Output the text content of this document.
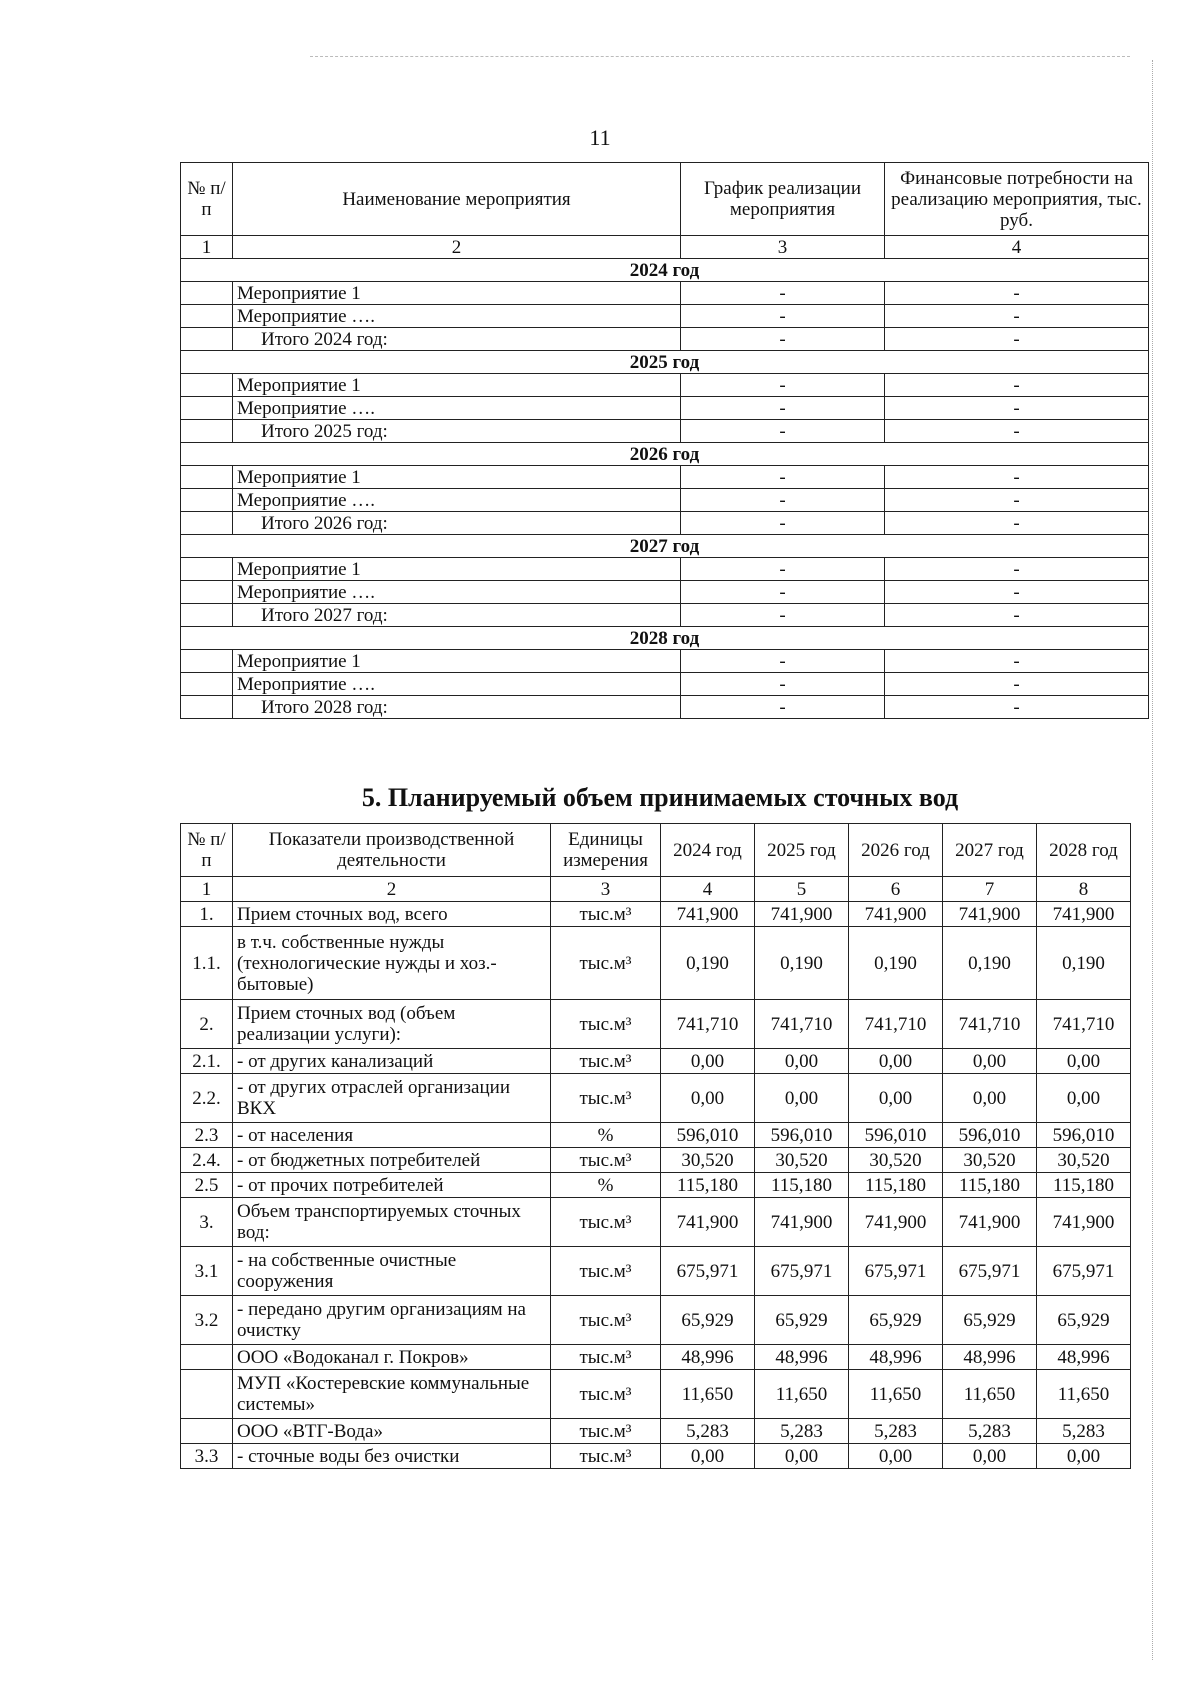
11
№ п/п	Наименование мероприятия	График реализации мероприятия	Финансовые потребности на реализацию мероприятия, тыс. руб.
1	2	3	4
2024 год			
	Мероприятие 1	-	-
	Мероприятие ….	-	-
	Итого 2024 год:	-	-
2025 год			
	Мероприятие 1	-	-
	Мероприятие ….	-	-
	Итого 2025 год:	-	-
2026 год			
	Мероприятие 1	-	-
	Мероприятие ….	-	-
	Итого 2026 год:	-	-
2027 год			
	Мероприятие 1	-	-
	Мероприятие ….	-	-
	Итого 2027 год:	-	-
2028 год			
	Мероприятие 1	-	-
	Мероприятие ….	-	-
	Итого 2028 год:	-	-
5. Планируемый объем принимаемых сточных вод
№ п/п	Показатели производственной деятельности	Единицы измерения	2024 год	2025 год	2026 год	2027 год	2028 год
1	2	3	4	5	6	7	8
1.	Прием сточных вод, всего	тыс.м³	741,900	741,900	741,900	741,900	741,900
1.1.	в т.ч. собственные нужды (технологические нужды и хоз.-бытовые)	тыс.м³	0,190	0,190	0,190	0,190	0,190
2.	Прием сточных вод (объем реализации услуги):	тыс.м³	741,710	741,710	741,710	741,710	741,710
2.1.	- от других канализаций	тыс.м³	0,00	0,00	0,00	0,00	0,00
2.2.	- от других отраслей организации ВКХ	тыс.м³	0,00	0,00	0,00	0,00	0,00
2.3	- от населения	%	596,010	596,010	596,010	596,010	596,010
2.4.	- от бюджетных потребителей	тыс.м³	30,520	30,520	30,520	30,520	30,520
2.5	- от прочих потребителей	%	115,180	115,180	115,180	115,180	115,180
3.	Объем транспортируемых сточных вод:	тыс.м³	741,900	741,900	741,900	741,900	741,900
3.1	- на собственные очистные сооружения	тыс.м³	675,971	675,971	675,971	675,971	675,971
3.2	- передано другим организациям на очистку	тыс.м³	65,929	65,929	65,929	65,929	65,929
	ООО «Водоканал г. Покров»	тыс.м³	48,996	48,996	48,996	48,996	48,996
	МУП «Костеревские коммунальные системы»	тыс.м³	11,650	11,650	11,650	11,650	11,650
	ООО «ВТГ-Вода»	тыс.м³	5,283	5,283	5,283	5,283	5,283
3.3	- сточные воды без очистки	тыс.м³	0,00	0,00	0,00	0,00	0,00
